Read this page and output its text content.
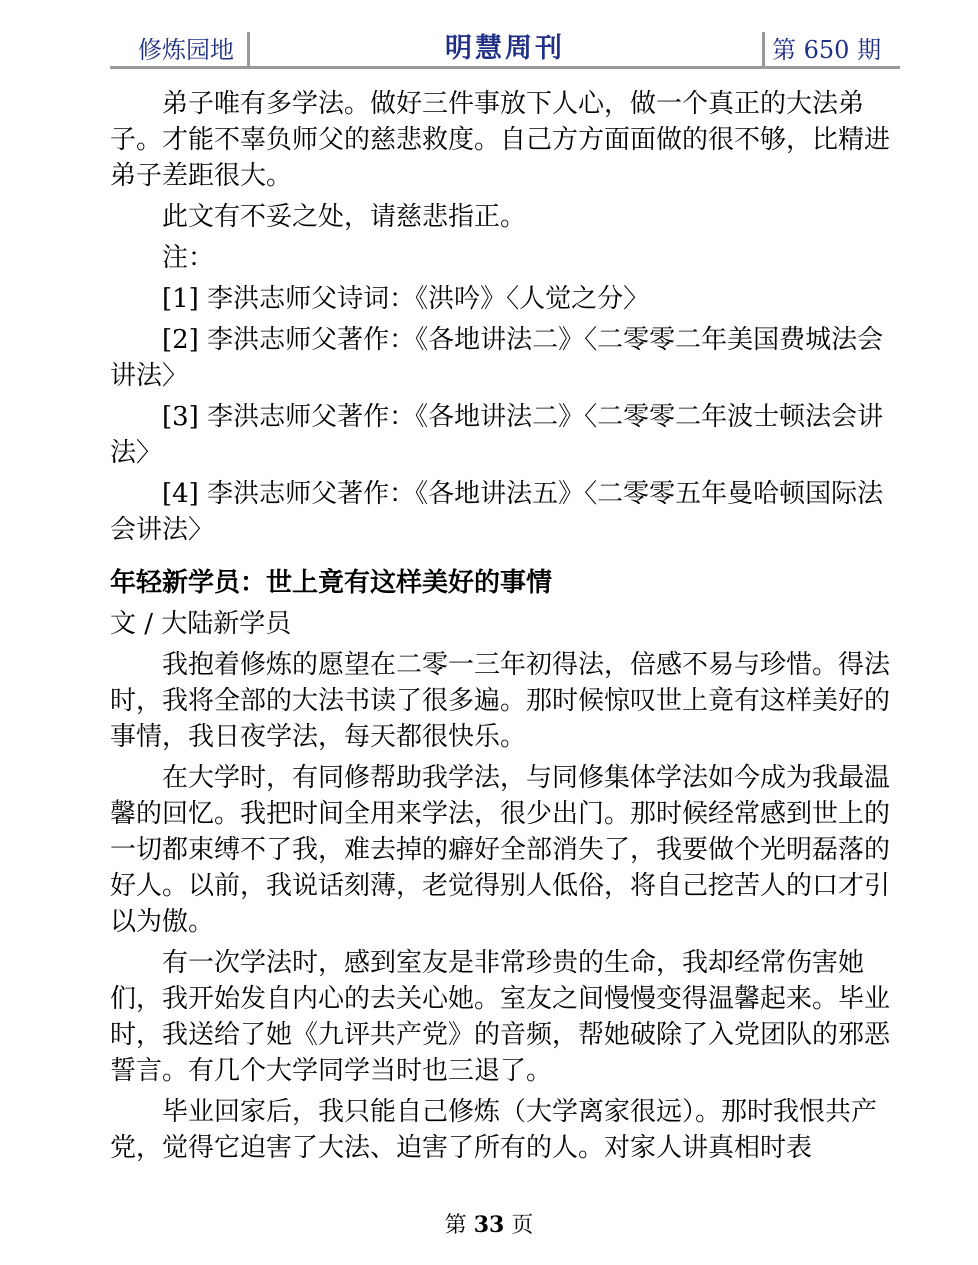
修炼园地	明慧周刊	第 650 期

弟子唯有多学法。做好三件事放下人心，做一个真正的大法弟子。才能不辜负师父的慈悲救度。自己方方面面做的很不够，比精进弟子差距很大。

此文有不妥之处，请慈悲指正。

注：

[1] 李洪志师父诗词：《洪吟》〈人觉之分〉

[2] 李洪志师父著作：《各地讲法二》〈二零零二年美国费城法会讲法〉

[3] 李洪志师父著作：《各地讲法二》〈二零零二年波士顿法会讲法〉

[4] 李洪志师父著作：《各地讲法五》〈二零零五年曼哈顿国际法会讲法〉

年轻新学员：世上竟有这样美好的事情

文 / 大陆新学员

我抱着修炼的愿望在二零一三年初得法，倍感不易与珍惜。得法时，我将全部的大法书读了很多遍。那时候惊叹世上竟有这样美好的事情，我日夜学法，每天都很快乐。

在大学时，有同修帮助我学法，与同修集体学法如今成为我最温馨的回忆。我把时间全用来学法，很少出门。那时候经常感到世上的一切都束缚不了我，难去掉的癖好全部消失了，我要做个光明磊落的好人。以前，我说话刻薄，老觉得别人低俗，将自己挖苦人的口才引以为傲。

有一次学法时，感到室友是非常珍贵的生命，我却经常伤害她们，我开始发自内心的去关心她。室友之间慢慢变得温馨起来。毕业时，我送给了她《九评共产党》的音频，帮她破除了入党团队的邪恶誓言。有几个大学同学当时也三退了。

毕业回家后，我只能自己修炼（大学离家很远）。那时我恨共产党，觉得它迫害了大法、迫害了所有的人。对家人讲真相时表

第 33 页
